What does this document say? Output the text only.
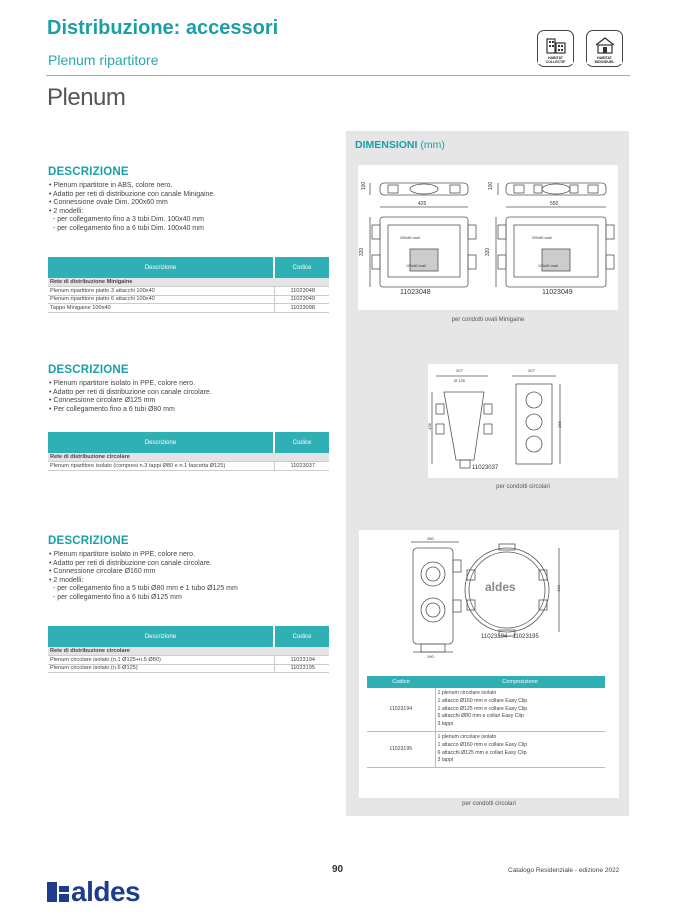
Distribuzione: accessori
Plenum ripartitore
Plenum
HABITAT COLLECTIF
HABITAT INDIVIDUEL
DESCRIZIONE
• Plenum ripartitore in ABS, colore nero.
• Adatto per reti di distribuzione con canale Minigaine.
• Connessione ovale Dim. 200x60 mm
• 2 modelli:
- per collegamento fino a 3 tubi Dim. 100x40 mm
- per collegamento fino a 6 tubi Dim. 100x40 mm
Descrizione	Codice
Rete di distribuzione Minigaine	
Plenum ripartitore piatto 3 attacchi 100x40	11023048
Plenum ripartitore piatto 6 attacchi 100x40	11023049
Tappo Minigaine 100x40	11023098
DESCRIZIONE
• Plenum ripartitore isolato in PPE, colore nero.
• Adatto per reti di distribuzione con canale circolare.
• Connessione circolare Ø125 mm
• Per collegamento fino a 6 tubi Ø80 mm
Descrizione	Codice
Rete di distribuzione circolare	
Plenum ripartitore isolato (compresi n.3 tappi Ø80 e n.1 fascetta Ø125)	11023037
DESCRIZIONE
• Plenum ripartitore isolato in PPE, colore nero.
• Adatto per reti di distribuzione con canale circolare.
• Connessione circolare Ø160 mm
• 2 modelli:
- per collegamento fino a 5 tubi Ø80 mm e 1 tubo Ø125 mm
- per collegamento fino a 6 tubi Ø125 mm
Descrizione	Codice
Rete di distribuzione circolare	
Plenum circolare isolato (n.1 Ø125+n.5 Ø80)	11023194
Plenum circolare isolato (n.6 Ø125)	11023195
DIMENSIONI (mm)
100
425
320
200x60 ovali
100x40 ovali
11023048
100
550
320
200x60 ovali
100x40 ovali
11023049
per condotti ovali Minigaine
Ø 125
207	207
436	365
11023037
per condotti circolari
aldes
280
440
190
11023194 - 11023195
Codice	Composizione
11023194	1 plenum circolare isolato
1 attacco Ø160 mm e collare Easy Clip
1 attacco Ø125 mm e collare Easy Clip
5 attacchi Ø80 mm e collari Easy Clip
3 tappi

11023195	1 plenum circolare isolato
1 attacco Ø160 mm e collare Easy Clip
6 attacchi Ø125 mm e collari Easy Clip
3 tappi
per condotti circolari
aldes
90	Catalogo Residenziale - edizione 2022
